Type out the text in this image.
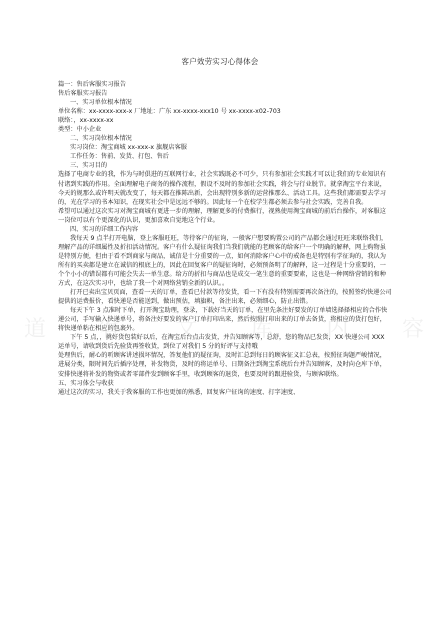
客户效劳实习心得体会

篇一：售后客服实习报告

售后客服实习报告

一、实习单位根本情况

单位名称：xx-xxxx-xxx-x 厂地址：广东 xx-xxxx-xxx10 号 xx-xxxx-x02-703

联络：，xx-xxxx-xx

类型：中小企业

二、实习岗位根本情况

实习岗位：淘宝商城 xx-xxx-x 旗舰店客服

工作任务：售前、发货、打包、售后

三、实习目的

选择了电商专业的我，作为与时俱进的互联网行业，社会实践既必不可少，只有参加社会实践才可以让我们的专业知识有付诸到实践的作用。全面理解电子商务的操作流程，假设不及时的参加社会实践，将会与行业脱节。就拿淘宝平台来说，今天的规那么或许明天就改变了，每天都在推陈出新，会出现特别多新的运营推那么、活动工具。这些我们都需要去学习的，光在学习的书本知识，在现实社会中是远远不够的。因此每一个在校学生都必须去参与社会实践，完善自我。

希望可以通过这次实习对淘宝商城有更进一步的理解，理解更多的付费推行，视熟使用淘宝商城的前后台操作，对客服这一岗位可以有个更深化的认识，更加喜欢自觉地这个行业。

四、实习的详细工作内容

我每天 9 点半打开电脑，登上客服旺旺，等待客户的征询，一般客户想要购置公司的产品都会通过旺旺来联络我们，理解产品的详细属性及折扣活动情况。客户有什么疑征询我们当我们就能的老顾客的给客户一个明确的解释，网上购物虽是特别方便，但由于看不到商家与商品，诚信是十分重要的一点，如何消除客户心中的戒备也是特别有学征询的，我认为所有的买卖都是建立在诚信的根底上的，因此在回复客户的疑征询时，必须预备明了的解释，这一过程是十分重要的，一个个小小的错误都有可能会失去一单生意。给方的折扣与商品也是成交一笔生意的重要要素，这也是一种网络营销的和种方式，在这次实习中，也给了我一个对网络营销全新的认识。。

打开已卖出宝贝页面，查看一天的订单，查看已付款等待发货，看一下有没有特别需要再次备注的，按照签约快递公司提供的运费报价，看快递是否能送到，做出预估，填旗帜，备注出来，必须细心，防止出错。

每天下午 3 点准时下单，打开淘宝助理，登录，下载好当天的订单，在里先条注好要发的订单墙选择择相应的合作快递公司，手写输入快递单号，将备注好要发的客户订单打印出来，然后按照打印出来的订单去备货，将相应的货打包好，将快递单粘在相应的包裹外。

下午 5 点，，挑好货包装好以后，在淘宝后台点击发货，并告知顾客等，总舒，您的物品已发货，XX 快递公司 XXX 运单号，请收到货后先验货再签收货，到位了对我们 5 分的好评与支持哦

处理售后，耐心的听顾客讲述损坏情况，答复他们的疑征询，及时汇总到每日的顾客征义汇总表，按照征询题严峻情况，进展分类，限时间先后插序处理，补发物货，及时的将运单号、日期备注到淘宝系统后台并告知顾客，及时向仓库下单，安排快递将补发的物资或者零部件发到顾客手里，收到顾客的退货，也要及时的跟进验货，与顾客联络。

五、实习体会与收获

通过这次的实习，我关于我客服的工作也更加的熟悉，回复客户征询的速度、打字速度、

道 客 文 库 内 容
